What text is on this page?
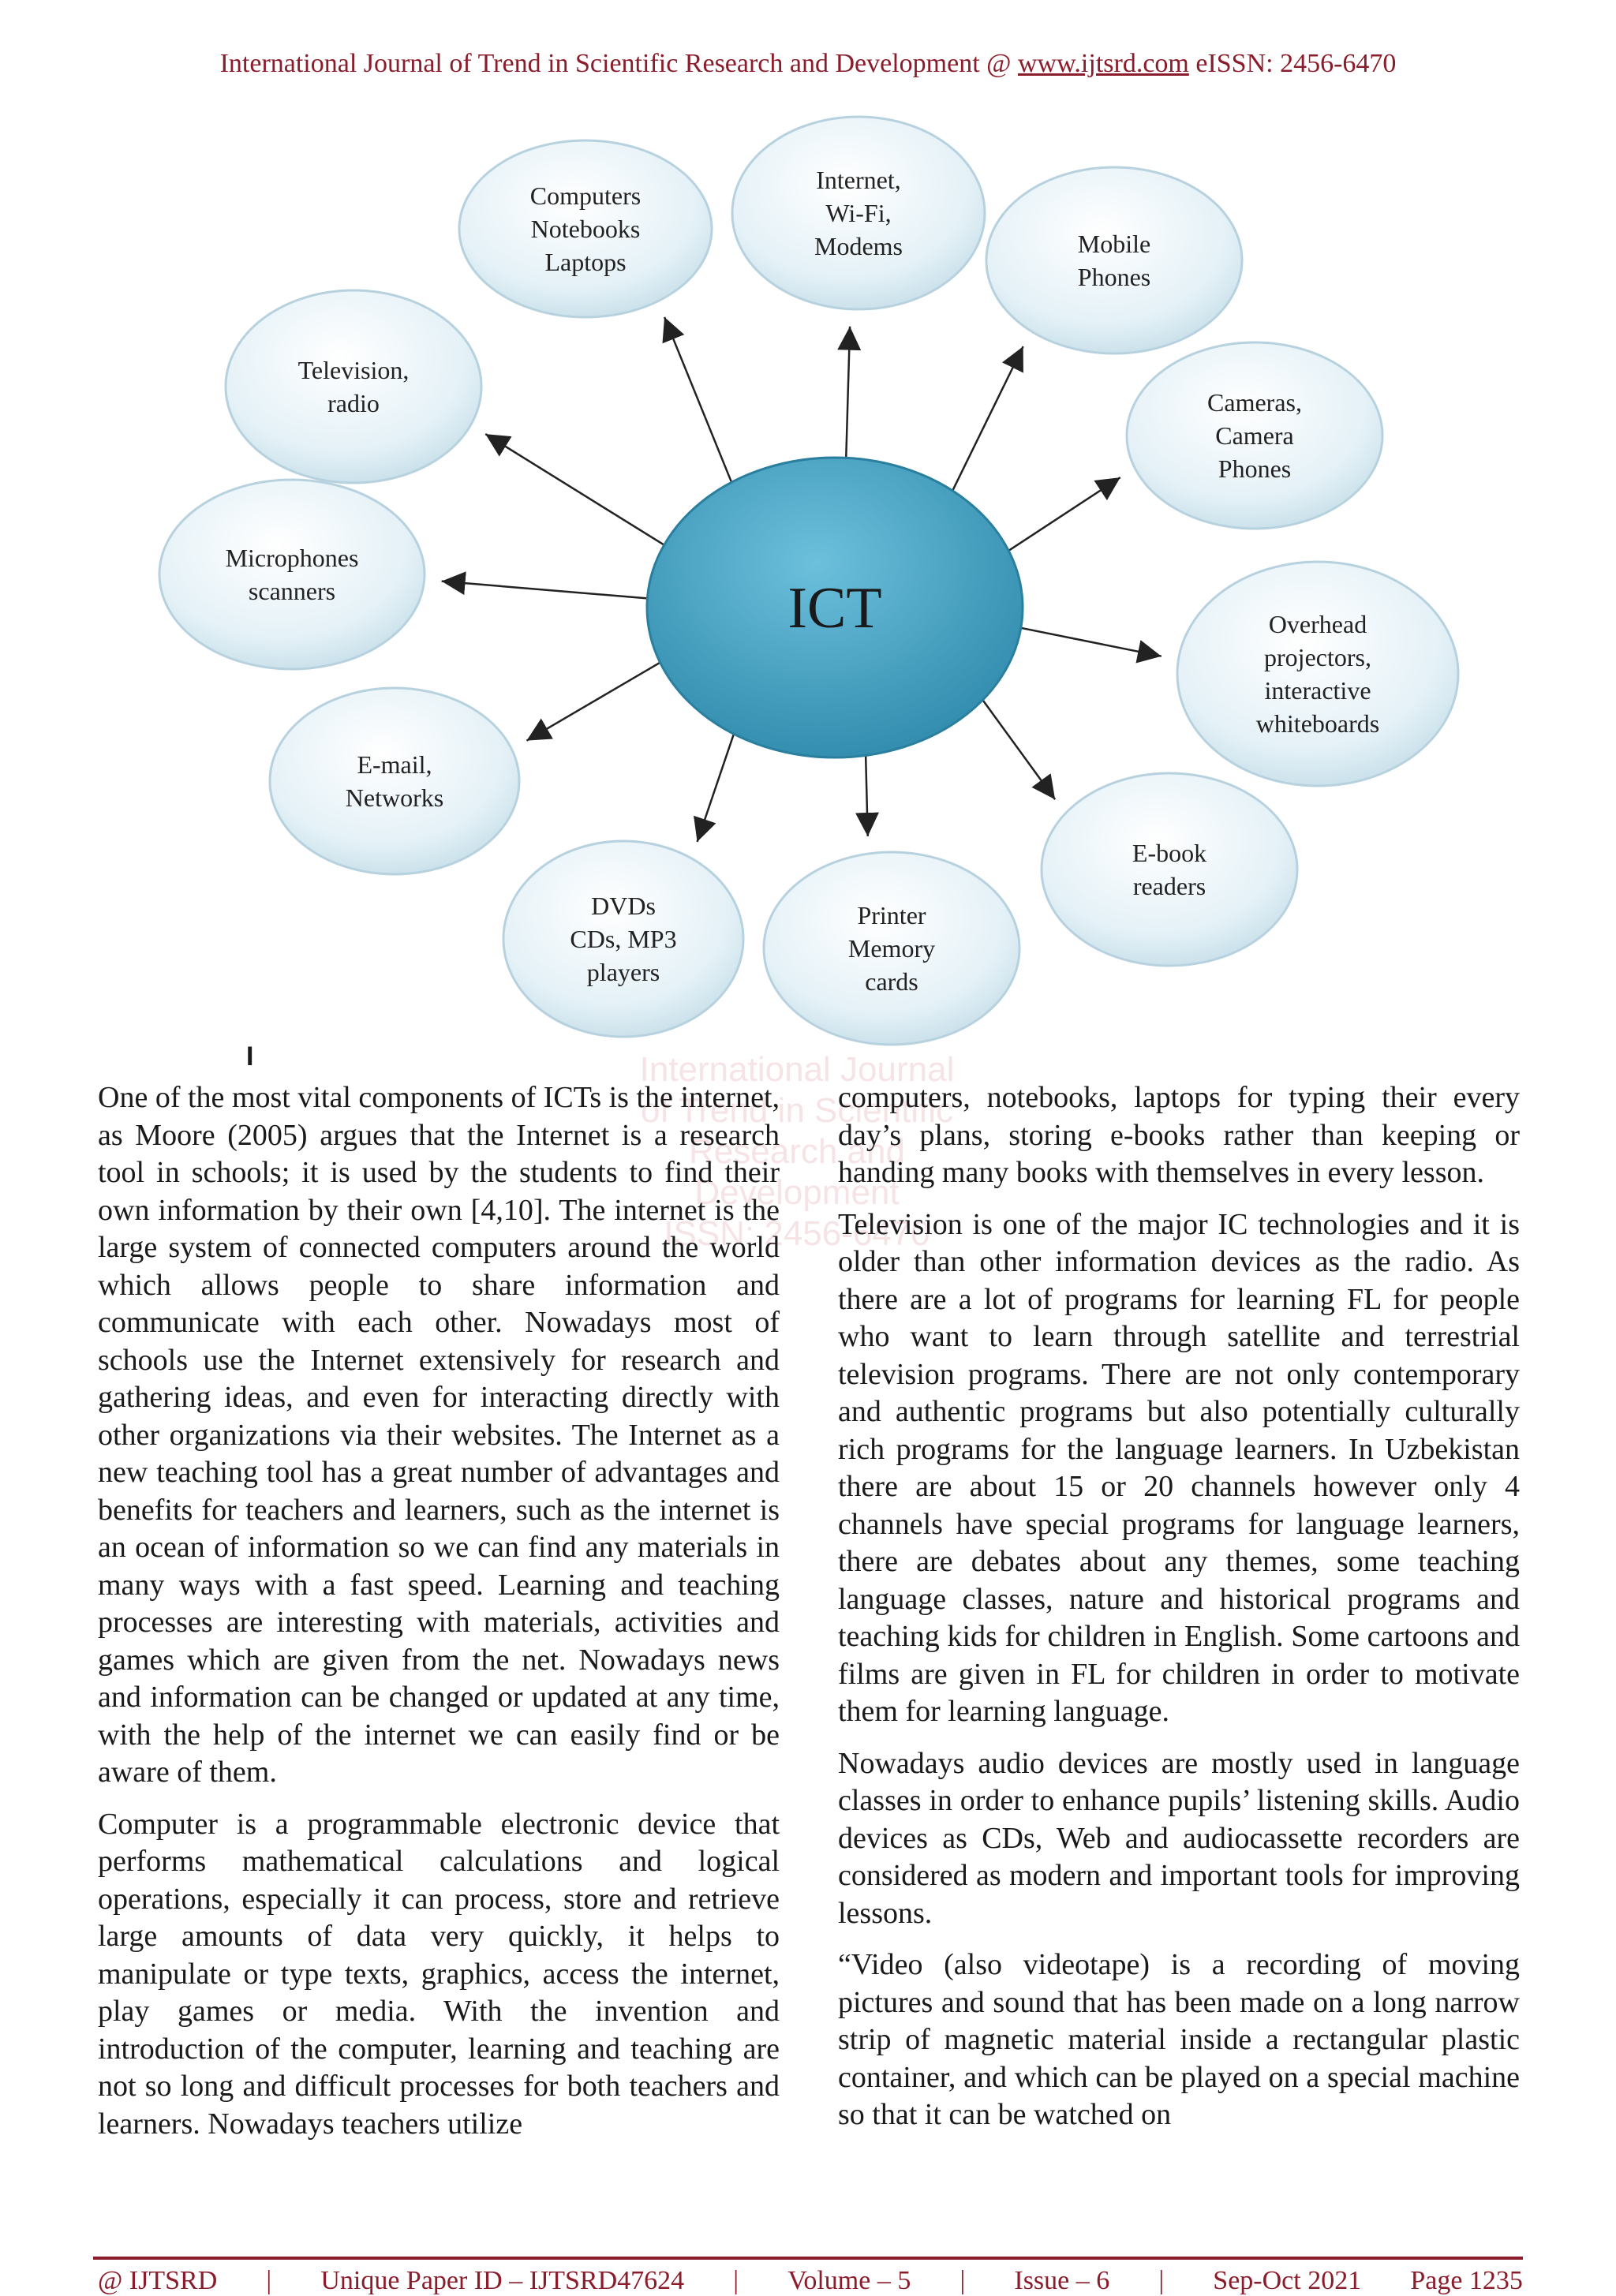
International Journal of Trend in Scientific Research and Development @ www.ijtsrd.com eISSN: 2456-6470
Computers
Notebooks
Laptops
Internet,
Wi-Fi,
Modems	Mobile
Phones
Cameras,
Camera
Phones
Overhead
projectors,
interactive
whiteboards
E-book
readers
Printer
Memory
cards
DVDs
CDs, MP3
players
E-mail,
Networks
Microphones
scanners
Television,
radio
ICT
I	International Journal
of Trend in Scientific
Research and
Development
ISSN: 2456-6470

One of the most vital components of ICTs is the internet, as Moore (2005) argues that the Internet is a research tool in schools; it is used by the students to find their own information by their own [4,10]. The internet is the large system of connected computers around the world which allows people to share information and communicate with each other. Nowadays most of schools use the Internet extensively for research and gathering ideas, and even for interacting directly with other organizations via their websites. The Internet as a new teaching tool has a great number of advantages and benefits for teachers and learners, such as the internet is an ocean of information so we can find any materials in many ways with a fast speed. Learning and teaching processes are interesting with materials, activities and games which are given from the net. Nowadays news and information can be changed or updated at any time, with the help of the internet we can easily find or be aware of them.

Computer is a programmable electronic device that performs mathematical calculations and logical operations, especially it can process, store and retrieve large amounts of data very quickly, it helps to manipulate or type texts, graphics, access the internet, play games or media. With the invention and introduction of the computer, learning and teaching are not so long and difficult processes for both teachers and learners. Nowadays teachers utilize

computers, notebooks, laptops for typing their every day’s plans, storing e-books rather than keeping or handing many books with themselves in every lesson.

Television is one of the major IC technologies and it is older than other information devices as the radio. As there are a lot of programs for learning FL for people who want to learn through satellite and terrestrial television programs. There are not only contemporary and authentic programs but also potentially culturally rich programs for the language learners. In Uzbekistan there are about 15 or 20 channels however only 4 channels have special programs for language learners, there are debates about any themes, some teaching language classes, nature and historical programs and teaching kids for children in English. Some cartoons and films are given in FL for children in order to motivate them for learning language.

Nowadays audio devices are mostly used in language classes in order to enhance pupils’ listening skills. Audio devices as CDs, Web and audiocassette recorders are considered as modern and important tools for improving lessons.

“Video (also videotape) is a recording of moving pictures and sound that has been made on a long narrow strip of magnetic material inside a rectangular plastic container, and which can be played on a special machine so that it can be watched on

@ IJTSRD | Unique Paper ID – IJTSRD47624 | Volume – 5 | Issue – 6 | Sep-Oct 2021 Page 1235
